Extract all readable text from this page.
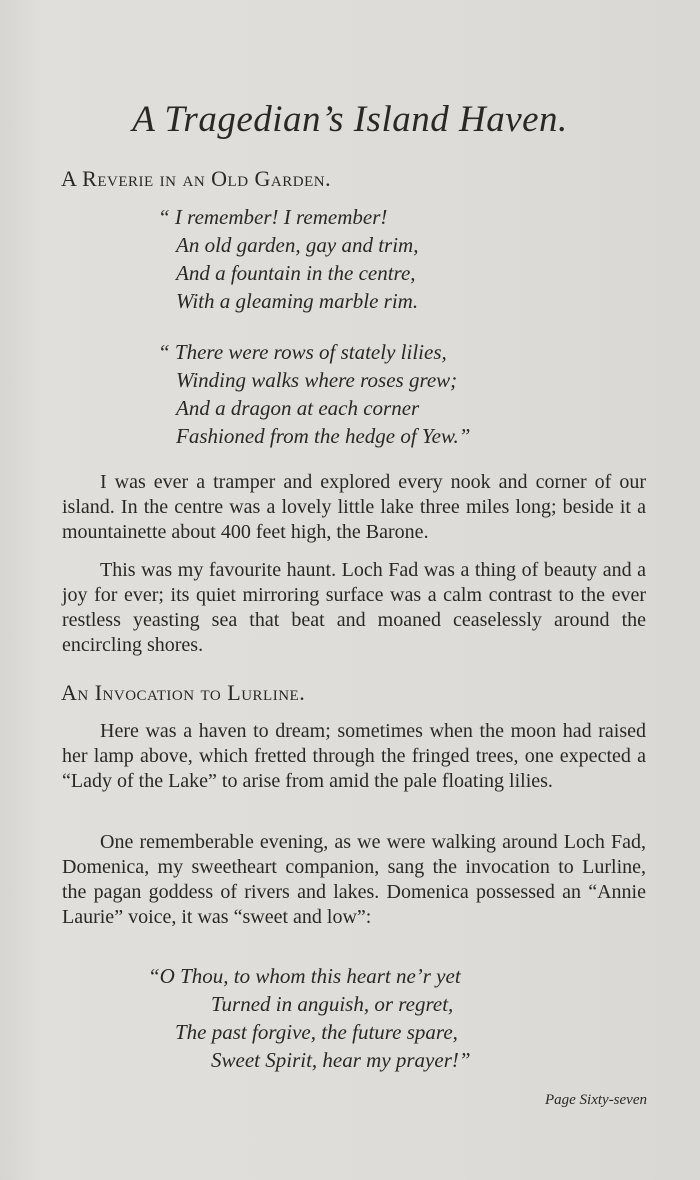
A Tragedian’s Island Haven.
A Reverie in an Old Garden.
“ I remember! I remember!
An old garden, gay and trim,
And a fountain in the centre,
With a gleaming marble rim.
“ There were rows of stately lilies,
Winding walks where roses grew;
And a dragon at each corner
Fashioned from the hedge of Yew.”

I was ever a tramper and explored every nook and corner of our island. In the centre was a lovely little lake three miles long; beside it a mountainette about 400 feet high, the Barone.

This was my favourite haunt. Loch Fad was a thing of beauty and a joy for ever; its quiet mirroring surface was a calm contrast to the ever restless yeasting sea that beat and moaned ceaselessly around the encircling shores.

An Invocation to Lurline.

Here was a haven to dream; sometimes when the moon had raised her lamp above, which fretted through the fringed trees, one expected a “Lady of the Lake” to arise from amid the pale floating lilies.

One rememberable evening, as we were walking around Loch Fad, Domenica, my sweetheart companion, sang the invocation to Lurline, the pagan goddess of rivers and lakes. Domenica possessed an “Annie Laurie” voice, it was “sweet and low”:

“O Thou, to whom this heart ne’r yet
Turned in anguish, or regret,
The past forgive, the future spare,
Sweet Spirit, hear my prayer!”

Page Sixty-seven
